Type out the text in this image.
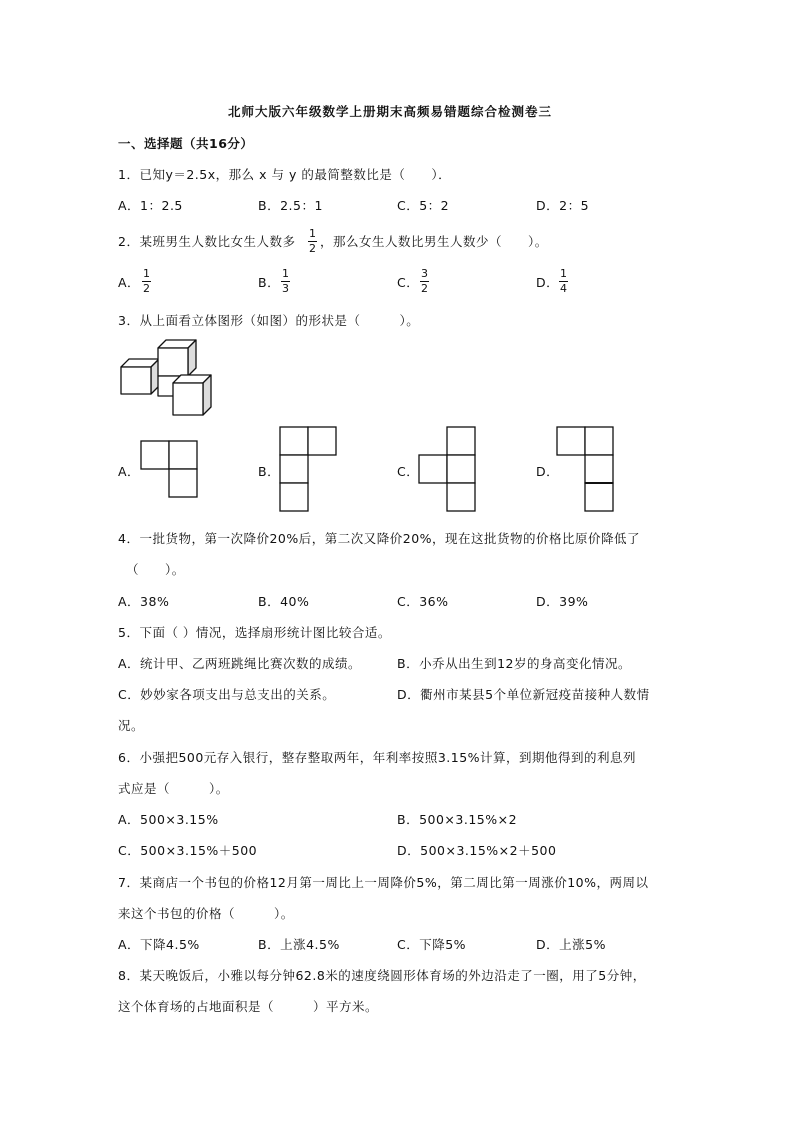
北师大版六年级数学上册期末高频易错题综合检测卷三
一、选择题（共16分）
1．已知y＝2.5x，那么 x 与 y 的最简整数比是（　　）．
A．1：2.5	B．2.5：1	C．5：2	D．2：5
2．某班男生人数比女生人数多
1
2 ，那么女生人数比男生人数少（　　）。
A．
1
2	B．
1
3	C．
3
2	D．
1
4
3．从上面看立体图形（如图）的形状是（　　　）。
A．	B．	C．	D．
4．一批货物，第一次降价20%后，第二次又降价20%，现在这批货物的价格比原价降低了
（　　）。
A．38%	B．40%	C．36%	D．39%
5．下面（ ）情况，选择扇形统计图比较合适。
A．统计甲、乙两班跳绳比赛次数的成绩。	B．小乔从出生到12岁的身高变化情况。
C．妙妙家各项支出与总支出的关系。	D．衢州市某县5个单位新冠疫苗接种人数情
况。
6．小强把500元存入银行，整存整取两年，年利率按照3.15%计算，到期他得到的利息列
式应是（　　　）。
A．500×3.15%	B．500×3.15%×2
C．500×3.15%＋500	D．500×3.15%×2＋500
7．某商店一个书包的价格12月第一周比上一周降价5%，第二周比第一周涨价10%，两周以
来这个书包的价格（　　　）。
A．下降4.5%	B．上涨4.5%	C．下降5%	D．上涨5%
8．某天晚饭后，小雅以每分钟62.8米的速度绕圆形体育场的外边沿走了一圈，用了5分钟，
这个体育场的占地面积是（　　　）平方米。
